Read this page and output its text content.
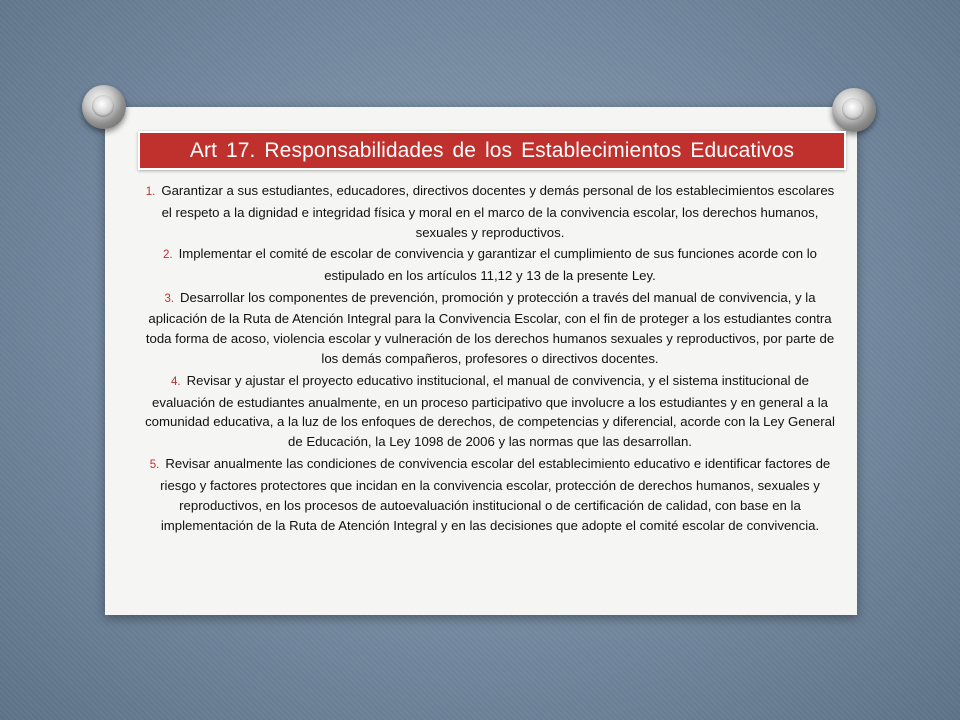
Art 17. Responsabilidades de los Establecimientos Educativos
1. Garantizar a sus estudiantes, educadores, directivos docentes y demás personal de los establecimientos escolares el respeto a la dignidad e integridad física y moral en el marco de la convivencia escolar, los derechos humanos, sexuales y reproductivos.
2. Implementar el comité de escolar de convivencia y garantizar el cumplimiento de sus funciones acorde con lo estipulado en los artículos 11,12 y 13 de la presente Ley.
3. Desarrollar los componentes de prevención, promoción y protección a través del manual de convivencia, y la aplicación de la Ruta de Atención Integral para la Convivencia Escolar, con el fin de proteger a los estudiantes contra toda forma de acoso, violencia escolar y vulneración de los derechos humanos sexuales y reproductivos, por parte de los demás compañeros, profesores o directivos docentes.
4. Revisar y ajustar el proyecto educativo institucional, el manual de convivencia, y el sistema institucional de evaluación de estudiantes anualmente, en un proceso participativo que involucre a los estudiantes y en general a la comunidad educativa, a la luz de los enfoques de derechos, de competencias y diferencial, acorde con la Ley General de Educación, la Ley 1098 de 2006 y las normas que las desarrollan.
5. Revisar anualmente las condiciones de convivencia escolar del establecimiento educativo e identificar factores de riesgo y factores protectores que incidan en la convivencia escolar, protección de derechos humanos, sexuales y reproductivos, en los procesos de autoevaluación institucional o de certificación de calidad, con base en la implementación de la Ruta de Atención Integral y en las decisiones que adopte el comité escolar de convivencia.
